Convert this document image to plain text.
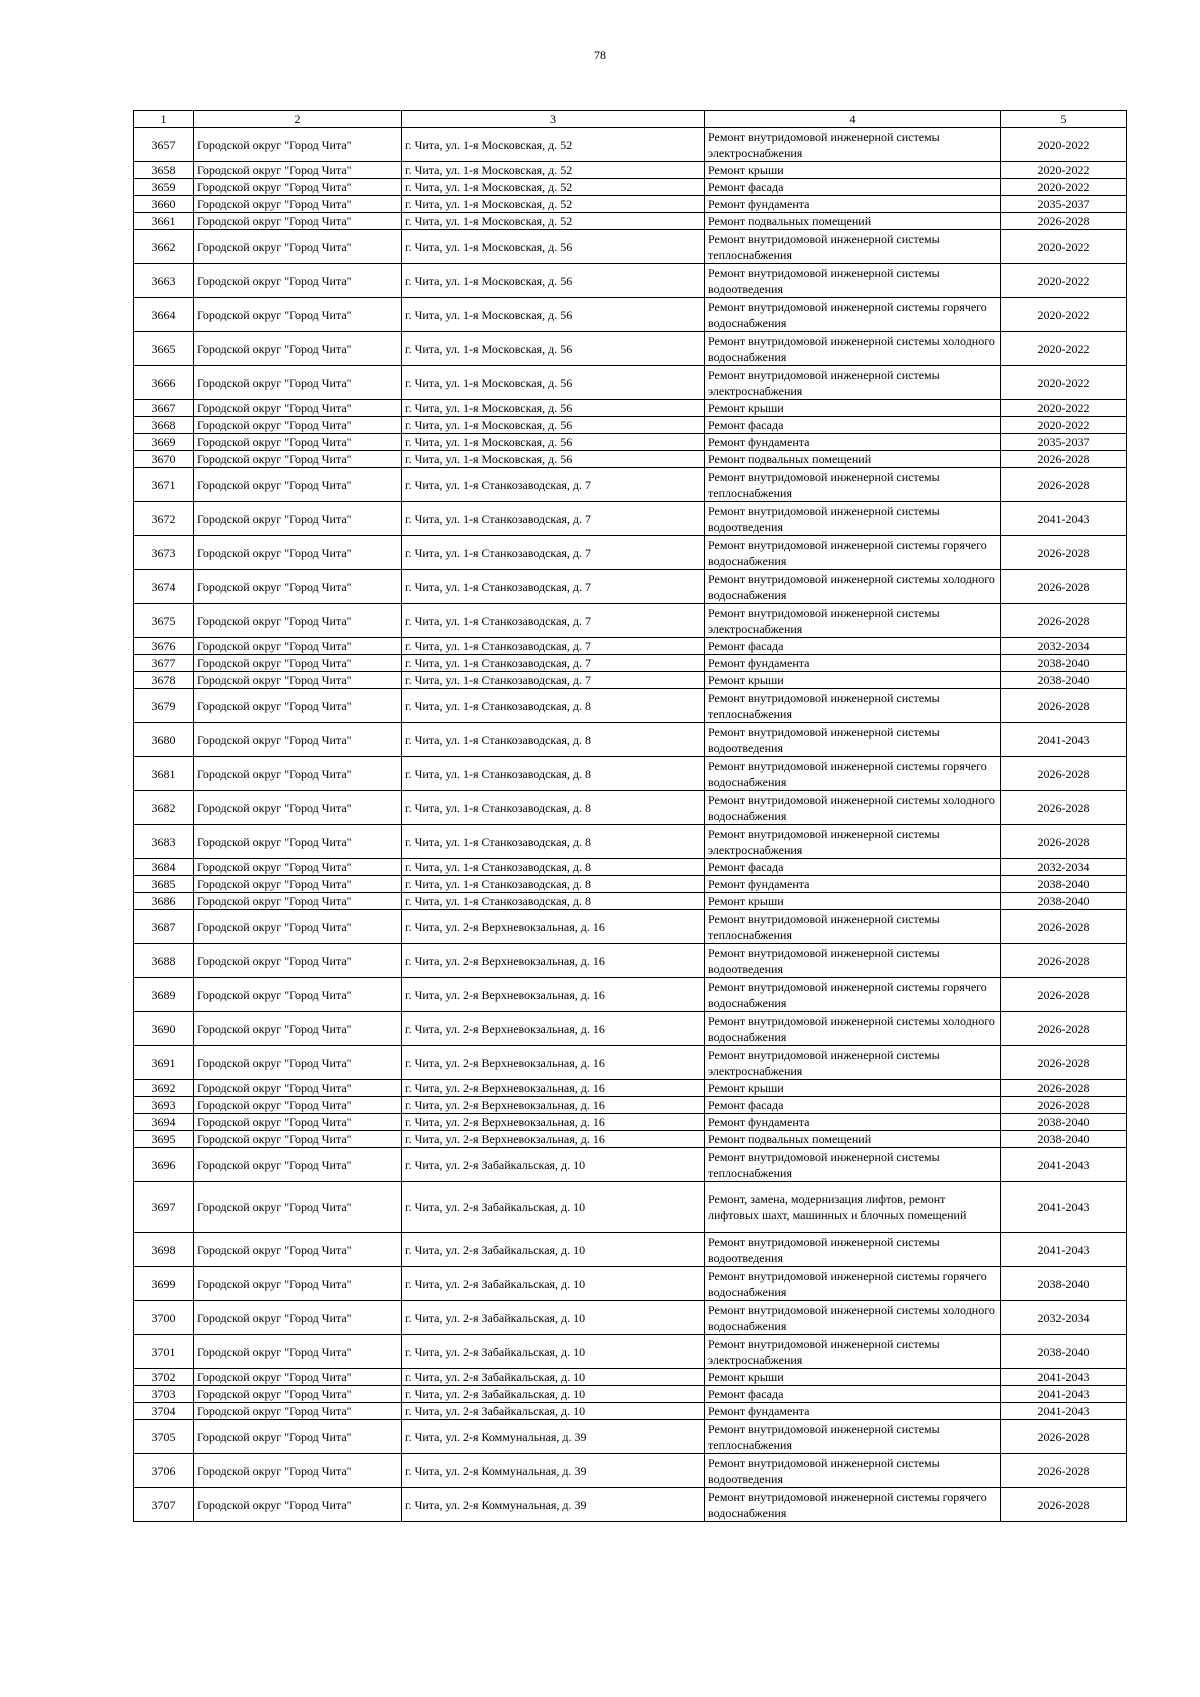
78
1	2	3	4	5
3657	Городской округ "Город Чита"	г. Чита, ул. 1-я Московская, д. 52	Ремонт внутридомовой инженерной системы электроснабжения	2020-2022
3658	Городской округ "Город Чита"	г. Чита, ул. 1-я Московская, д. 52	Ремонт крыши	2020-2022
3659	Городской округ "Город Чита"	г. Чита, ул. 1-я Московская, д. 52	Ремонт фасада	2020-2022
3660	Городской округ "Город Чита"	г. Чита, ул. 1-я Московская, д. 52	Ремонт фундамента	2035-2037
3661	Городской округ "Город Чита"	г. Чита, ул. 1-я Московская, д. 52	Ремонт подвальных помещений	2026-2028
3662	Городской округ "Город Чита"	г. Чита, ул. 1-я Московская, д. 56	Ремонт внутридомовой инженерной системы теплоснабжения	2020-2022
3663	Городской округ "Город Чита"	г. Чита, ул. 1-я Московская, д. 56	Ремонт внутридомовой инженерной системы водоотведения	2020-2022
3664	Городской округ "Город Чита"	г. Чита, ул. 1-я Московская, д. 56	Ремонт внутридомовой инженерной системы горячего водоснабжения	2020-2022
3665	Городской округ "Город Чита"	г. Чита, ул. 1-я Московская, д. 56	Ремонт внутридомовой инженерной системы холодного водоснабжения	2020-2022
3666	Городской округ "Город Чита"	г. Чита, ул. 1-я Московская, д. 56	Ремонт внутридомовой инженерной системы электроснабжения	2020-2022
3667	Городской округ "Город Чита"	г. Чита, ул. 1-я Московская, д. 56	Ремонт крыши	2020-2022
3668	Городской округ "Город Чита"	г. Чита, ул. 1-я Московская, д. 56	Ремонт фасада	2020-2022
3669	Городской округ "Город Чита"	г. Чита, ул. 1-я Московская, д. 56	Ремонт фундамента	2035-2037
3670	Городской округ "Город Чита"	г. Чита, ул. 1-я Московская, д. 56	Ремонт подвальных помещений	2026-2028
3671	Городской округ "Город Чита"	г. Чита, ул. 1-я Станкозаводская, д. 7	Ремонт внутридомовой инженерной системы теплоснабжения	2026-2028
3672	Городской округ "Город Чита"	г. Чита, ул. 1-я Станкозаводская, д. 7	Ремонт внутридомовой инженерной системы водоотведения	2041-2043
3673	Городской округ "Город Чита"	г. Чита, ул. 1-я Станкозаводская, д. 7	Ремонт внутридомовой инженерной системы горячего водоснабжения	2026-2028
3674	Городской округ "Город Чита"	г. Чита, ул. 1-я Станкозаводская, д. 7	Ремонт внутридомовой инженерной системы холодного водоснабжения	2026-2028
3675	Городской округ "Город Чита"	г. Чита, ул. 1-я Станкозаводская, д. 7	Ремонт внутридомовой инженерной системы электроснабжения	2026-2028
3676	Городской округ "Город Чита"	г. Чита, ул. 1-я Станкозаводская, д. 7	Ремонт фасада	2032-2034
3677	Городской округ "Город Чита"	г. Чита, ул. 1-я Станкозаводская, д. 7	Ремонт фундамента	2038-2040
3678	Городской округ "Город Чита"	г. Чита, ул. 1-я Станкозаводская, д. 7	Ремонт крыши	2038-2040
3679	Городской округ "Город Чита"	г. Чита, ул. 1-я Станкозаводская, д. 8	Ремонт внутридомовой инженерной системы теплоснабжения	2026-2028
3680	Городской округ "Город Чита"	г. Чита, ул. 1-я Станкозаводская, д. 8	Ремонт внутридомовой инженерной системы водоотведения	2041-2043
3681	Городской округ "Город Чита"	г. Чита, ул. 1-я Станкозаводская, д. 8	Ремонт внутридомовой инженерной системы горячего водоснабжения	2026-2028
3682	Городской округ "Город Чита"	г. Чита, ул. 1-я Станкозаводская, д. 8	Ремонт внутридомовой инженерной системы холодного водоснабжения	2026-2028
3683	Городской округ "Город Чита"	г. Чита, ул. 1-я Станкозаводская, д. 8	Ремонт внутридомовой инженерной системы электроснабжения	2026-2028
3684	Городской округ "Город Чита"	г. Чита, ул. 1-я Станкозаводская, д. 8	Ремонт фасада	2032-2034
3685	Городской округ "Город Чита"	г. Чита, ул. 1-я Станкозаводская, д. 8	Ремонт фундамента	2038-2040
3686	Городской округ "Город Чита"	г. Чита, ул. 1-я Станкозаводская, д. 8	Ремонт крыши	2038-2040
3687	Городской округ "Город Чита"	г. Чита, ул. 2-я Верхневокзальная, д. 16	Ремонт внутридомовой инженерной системы теплоснабжения	2026-2028
3688	Городской округ "Город Чита"	г. Чита, ул. 2-я Верхневокзальная, д. 16	Ремонт внутридомовой инженерной системы водоотведения	2026-2028
3689	Городской округ "Город Чита"	г. Чита, ул. 2-я Верхневокзальная, д. 16	Ремонт внутридомовой инженерной системы горячего водоснабжения	2026-2028
3690	Городской округ "Город Чита"	г. Чита, ул. 2-я Верхневокзальная, д. 16	Ремонт внутридомовой инженерной системы холодного водоснабжения	2026-2028
3691	Городской округ "Город Чита"	г. Чита, ул. 2-я Верхневокзальная, д. 16	Ремонт внутридомовой инженерной системы электроснабжения	2026-2028
3692	Городской округ "Город Чита"	г. Чита, ул. 2-я Верхневокзальная, д. 16	Ремонт крыши	2026-2028
3693	Городской округ "Город Чита"	г. Чита, ул. 2-я Верхневокзальная, д. 16	Ремонт фасада	2026-2028
3694	Городской округ "Город Чита"	г. Чита, ул. 2-я Верхневокзальная, д. 16	Ремонт фундамента	2038-2040
3695	Городской округ "Город Чита"	г. Чита, ул. 2-я Верхневокзальная, д. 16	Ремонт подвальных помещений	2038-2040
3696	Городской округ "Город Чита"	г. Чита, ул. 2-я Забайкальская, д. 10	Ремонт внутридомовой инженерной системы теплоснабжения	2041-2043
3697	Городской округ "Город Чита"	г. Чита, ул. 2-я Забайкальская, д. 10	Ремонт, замена, модернизация лифтов, ремонт лифтовых шахт, машинных и блочных помещений	2041-2043
3698	Городской округ "Город Чита"	г. Чита, ул. 2-я Забайкальская, д. 10	Ремонт внутридомовой инженерной системы водоотведения	2041-2043
3699	Городской округ "Город Чита"	г. Чита, ул. 2-я Забайкальская, д. 10	Ремонт внутридомовой инженерной системы горячего водоснабжения	2038-2040
3700	Городской округ "Город Чита"	г. Чита, ул. 2-я Забайкальская, д. 10	Ремонт внутридомовой инженерной системы холодного водоснабжения	2032-2034
3701	Городской округ "Город Чита"	г. Чита, ул. 2-я Забайкальская, д. 10	Ремонт внутридомовой инженерной системы электроснабжения	2038-2040
3702	Городской округ "Город Чита"	г. Чита, ул. 2-я Забайкальская, д. 10	Ремонт крыши	2041-2043
3703	Городской округ "Город Чита"	г. Чита, ул. 2-я Забайкальская, д. 10	Ремонт фасада	2041-2043
3704	Городской округ "Город Чита"	г. Чита, ул. 2-я Забайкальская, д. 10	Ремонт фундамента	2041-2043
3705	Городской округ "Город Чита"	г. Чита, ул. 2-я Коммунальная, д. 39	Ремонт внутридомовой инженерной системы теплоснабжения	2026-2028
3706	Городской округ "Город Чита"	г. Чита, ул. 2-я Коммунальная, д. 39	Ремонт внутридомовой инженерной системы водоотведения	2026-2028
3707	Городской округ "Город Чита"	г. Чита, ул. 2-я Коммунальная, д. 39	Ремонт внутридомовой инженерной системы горячего водоснабжения	2026-2028
